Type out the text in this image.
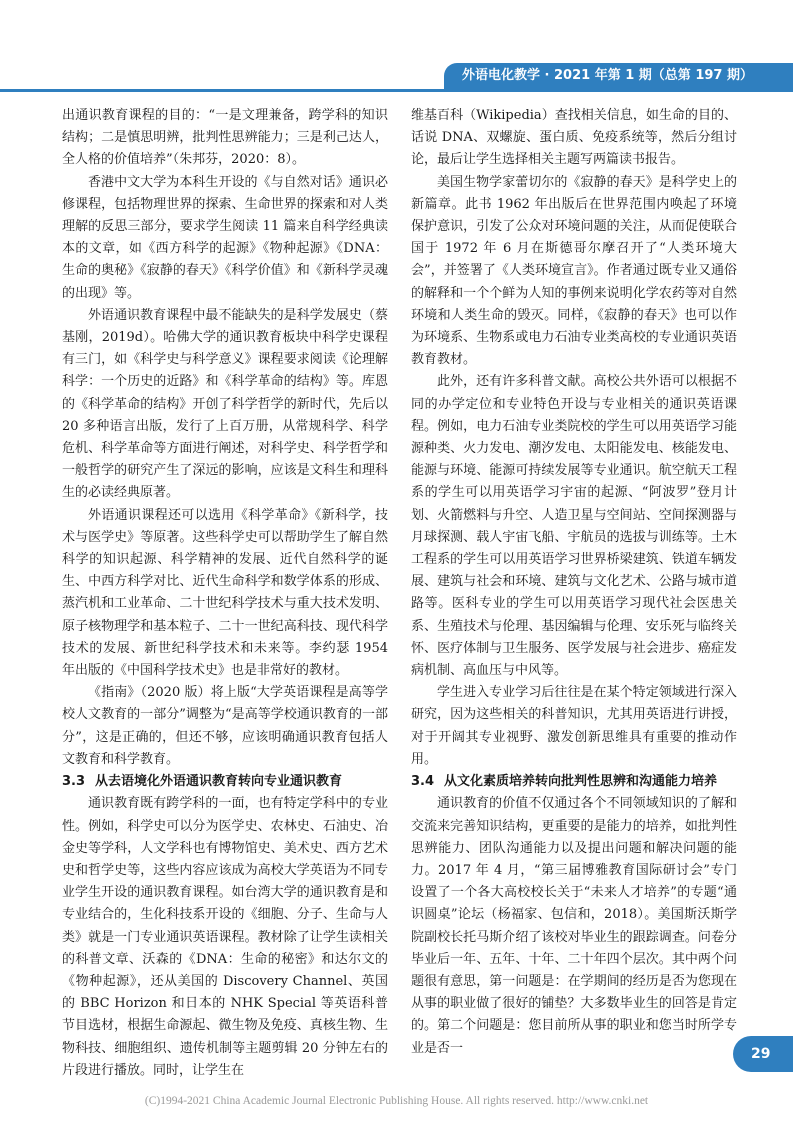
外语电化教学 · 2021 年第 1 期（总第 197 期）

出通识教育课程的目的：“一是文理兼备，跨学科的知识结构；二是慎思明辨，批判性思辨能力；三是利己达人，全人格的价值培养”（朱邦芬，2020：8）。

香港中文大学为本科生开设的《与自然对话》通识必修课程，包括物理世界的探索、生命世界的探索和对人类理解的反思三部分，要求学生阅读 11 篇来自科学经典读本的文章，如《西方科学的起源》《物种起源》《DNA：生命的奥秘》《寂静的春天》《科学价值》和《新科学灵魂的出现》等。

外语通识教育课程中最不能缺失的是科学发展史（蔡基刚，2019d）。哈佛大学的通识教育板块中科学史课程有三门，如《科学史与科学意义》课程要求阅读《论理解科学：一个历史的近路》和《科学革命的结构》等。库恩的《科学革命的结构》开创了科学哲学的新时代，先后以 20 多种语言出版，发行了上百万册，从常规科学、科学危机、科学革命等方面进行阐述，对科学史、科学哲学和一般哲学的研究产生了深远的影响，应该是文科生和理科生的必读经典原著。

外语通识课程还可以选用《科学革命》《新科学，技术与医学史》等原著。这些科学史可以帮助学生了解自然科学的知识起源、科学精神的发展、近代自然科学的诞生、中西方科学对比、近代生命科学和数学体系的形成、蒸汽机和工业革命、二十世纪科学技术与重大技术发明、原子核物理学和基本粒子、二十一世纪高科技、现代科学技术的发展、新世纪科学技术和未来等。李约瑟 1954 年出版的《中国科学技术史》也是非常好的教材。

《指南》（2020 版）将上版“大学英语课程是高等学校人文教育的一部分”调整为“是高等学校通识教育的一部分”，这是正确的，但还不够，应该明确通识教育包括人文教育和科学教育。

3.3 从去语境化外语通识教育转向专业通识教育

通识教育既有跨学科的一面，也有特定学科中的专业性。例如，科学史可以分为医学史、农林史、石油史、冶金史等学科，人文学科也有博物馆史、美术史、西方艺术史和哲学史等，这些内容应该成为高校大学英语为不同专业学生开设的通识教育课程。如台湾大学的通识教育是和专业结合的，生化科技系开设的《细胞、分子、生命与人类》就是一门专业通识英语课程。教材除了让学生读相关的科普文章、沃森的《DNA：生命的秘密》和达尔文的《物种起源》，还从美国的 Discovery Channel、英国的 BBC Horizon 和日本的 NHK Special 等英语科普节目选材，根据生命源起、微生物及免疫、真核生物、生物科技、细胞组织、遗传机制等主题剪辑 20 分钟左右的片段进行播放。同时，让学生在

维基百科（Wikipedia）查找相关信息，如生命的目的、话说 DNA、双螺旋、蛋白质、免疫系统等，然后分组讨论，最后让学生选择相关主题写两篇读书报告。

美国生物学家蕾切尔的《寂静的春天》是科学史上的新篇章。此书 1962 年出版后在世界范围内唤起了环境保护意识，引发了公众对环境问题的关注，从而促使联合国于 1972 年 6 月在斯德哥尔摩召开了“人类环境大会”，并签署了《人类环境宣言》。作者通过既专业又通俗的解释和一个个鲜为人知的事例来说明化学农药等对自然环境和人类生命的毁灭。同样，《寂静的春天》也可以作为环境系、生物系或电力石油专业类高校的专业通识英语教育教材。

此外，还有许多科普文献。高校公共外语可以根据不同的办学定位和专业特色开设与专业相关的通识英语课程。例如，电力石油专业类院校的学生可以用英语学习能源种类、火力发电、潮汐发电、太阳能发电、核能发电、能源与环境、能源可持续发展等专业通识。航空航天工程系的学生可以用英语学习宇宙的起源、“阿波罗”登月计划、火箭燃料与升空、人造卫星与空间站、空间探测器与月球探测、载人宇宙飞船、宇航员的选拔与训练等。土木工程系的学生可以用英语学习世界桥梁建筑、铁道车辆发展、建筑与社会和环境、建筑与文化艺术、公路与城市道路等。医科专业的学生可以用英语学习现代社会医患关系、生殖技术与伦理、基因编辑与伦理、安乐死与临终关怀、医疗体制与卫生服务、医学发展与社会进步、癌症发病机制、高血压与中风等。

学生进入专业学习后往往是在某个特定领域进行深入研究，因为这些相关的科普知识，尤其用英语进行讲授，对于开阔其专业视野、激发创新思维具有重要的推动作用。

3.4 从文化素质培养转向批判性思辨和沟通能力培养

通识教育的价值不仅通过各个不同领域知识的了解和交流来完善知识结构，更重要的是能力的培养，如批判性思辨能力、团队沟通能力以及提出问题和解决问题的能力。2017 年 4 月，“第三届博雅教育国际研讨会”专门设置了一个各大高校校长关于“未来人才培养”的专题“通识圆桌”论坛（杨福家、包信和，2018）。美国斯沃斯学院副校长托马斯介绍了该校对毕业生的跟踪调查。问卷分毕业后一年、五年、十年、二十年四个层次。其中两个问题很有意思，第一问题是：在学期间的经历是否为您现在从事的职业做了很好的铺垫？大多数毕业生的回答是肯定的。第二个问题是：您目前所从事的职业和您当时所学专业是否一	29
(C)1994-2021 China Academic Journal Electronic Publishing House. All rights reserved. http://www.cnki.net
